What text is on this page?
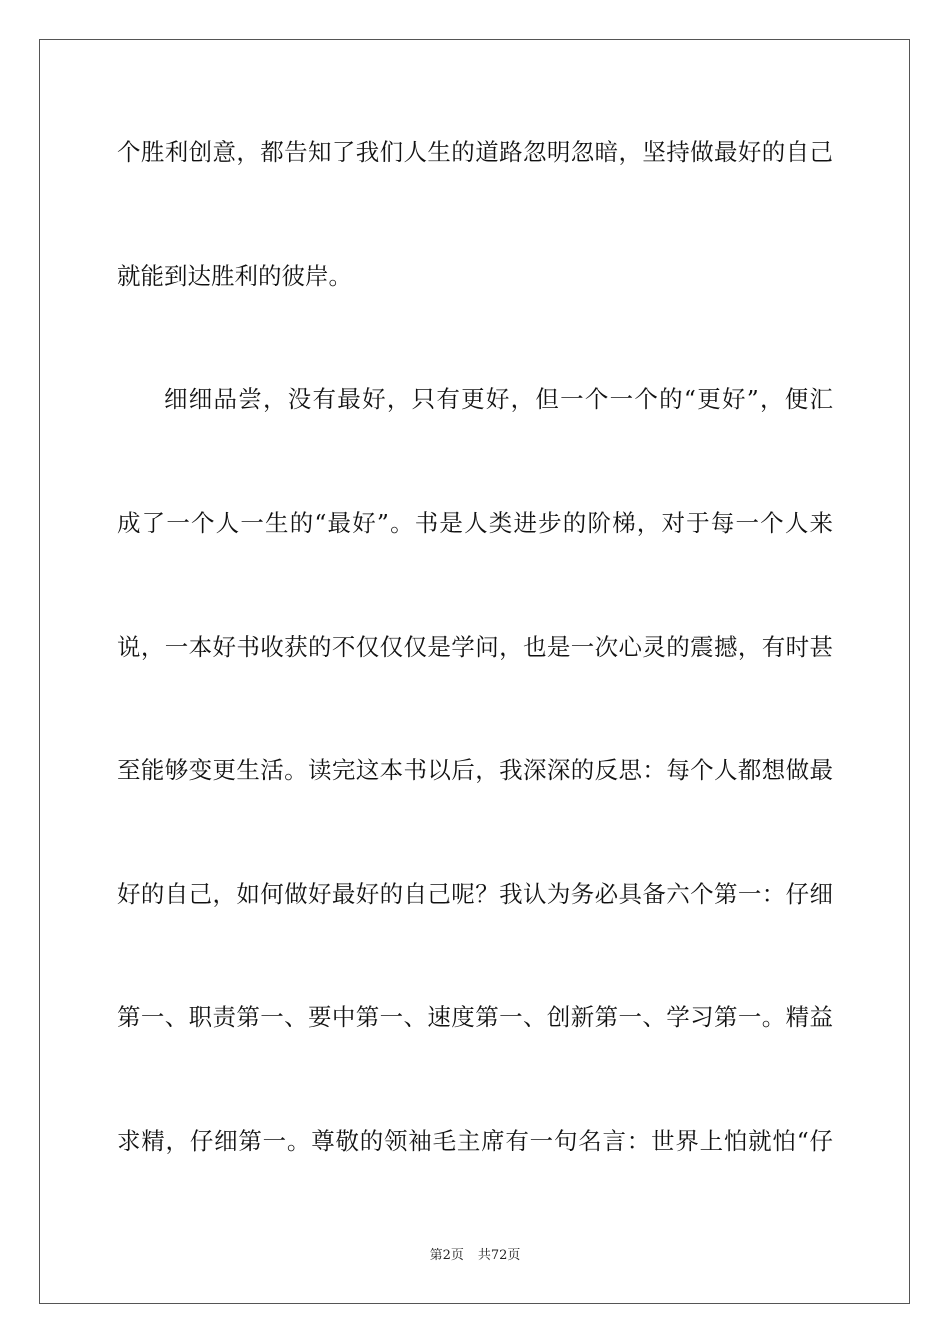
个胜利创意，都告知了我们人生的道路忽明忽暗，坚持做最好的自己
就能到达胜利的彼岸。
细细品尝，没有最好，只有更好，但一个一个的“更好”，便汇
成了一个人一生的“最好”。书是人类进步的阶梯，对于每一个人来
说，一本好书收获的不仅仅仅是学问，也是一次心灵的震撼，有时甚
至能够变更生活。读完这本书以后，我深深的反思：每个人都想做最
好的自己，如何做好最好的自己呢？我认为务必具备六个第一：仔细
第一、职责第一、要中第一、速度第一、创新第一、学习第一。精益
求精，仔细第一。尊敬的领袖毛主席有一句名言：世界上怕就怕“仔
第2页 共72页
